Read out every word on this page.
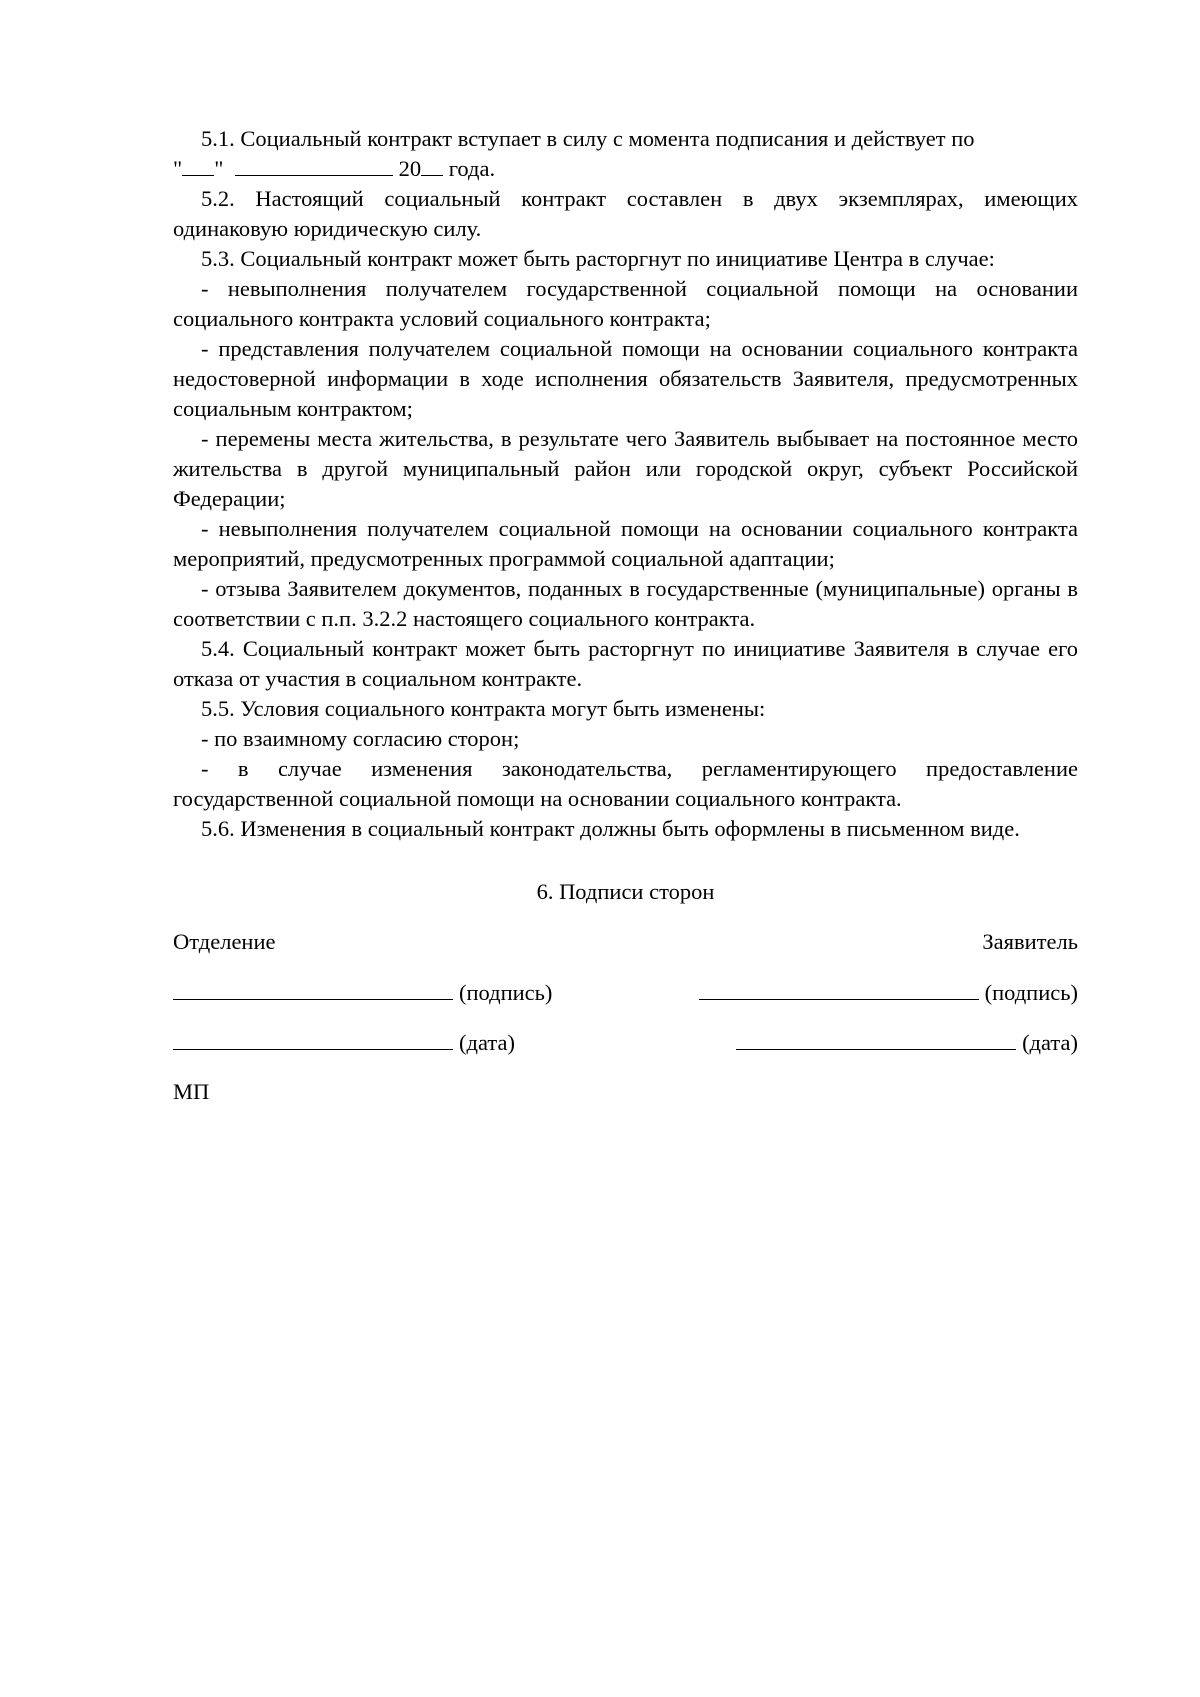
5.1. Социальный контракт вступает в силу с момента подписания и действует по

" "	20 года.

5.2. Настоящий социальный контракт составлен в двух экземплярах, имеющих одинаковую юридическую силу.

5.3. Социальный контракт может быть расторгнут по инициативе Центра в случае:

- невыполнения получателем государственной социальной помощи на основании социального контракта условий социального контракта;

- представления получателем социальной помощи на основании социального контракта недостоверной информации в ходе исполнения обязательств Заявителя, предусмотренных социальным контрактом;

- перемены места жительства, в результате чего Заявитель выбывает на постоянное место жительства в другой муниципальный район или городской округ, субъект Российской Федерации;

- невыполнения получателем социальной помощи на основании социального контракта мероприятий, предусмотренных программой социальной адаптации;

- отзыва Заявителем документов, поданных в государственные (муниципальные) органы в соответствии с п.п. 3.2.2 настоящего социального контракта.

5.4. Социальный контракт может быть расторгнут по инициативе Заявителя в случае его отказа от участия в социальном контракте.

5.5. Условия социального контракта могут быть изменены:

- по взаимному согласию сторон;

- в случае изменения законодательства, регламентирующего предоставление государственной социальной помощи на основании социального контракта.

5.6. Изменения в социальный контракт должны быть оформлены в письменном виде.

6. Подписи сторон
Отделение	Заявитель
(подпись)	(подпись)
(дата)	(дата)
МП
